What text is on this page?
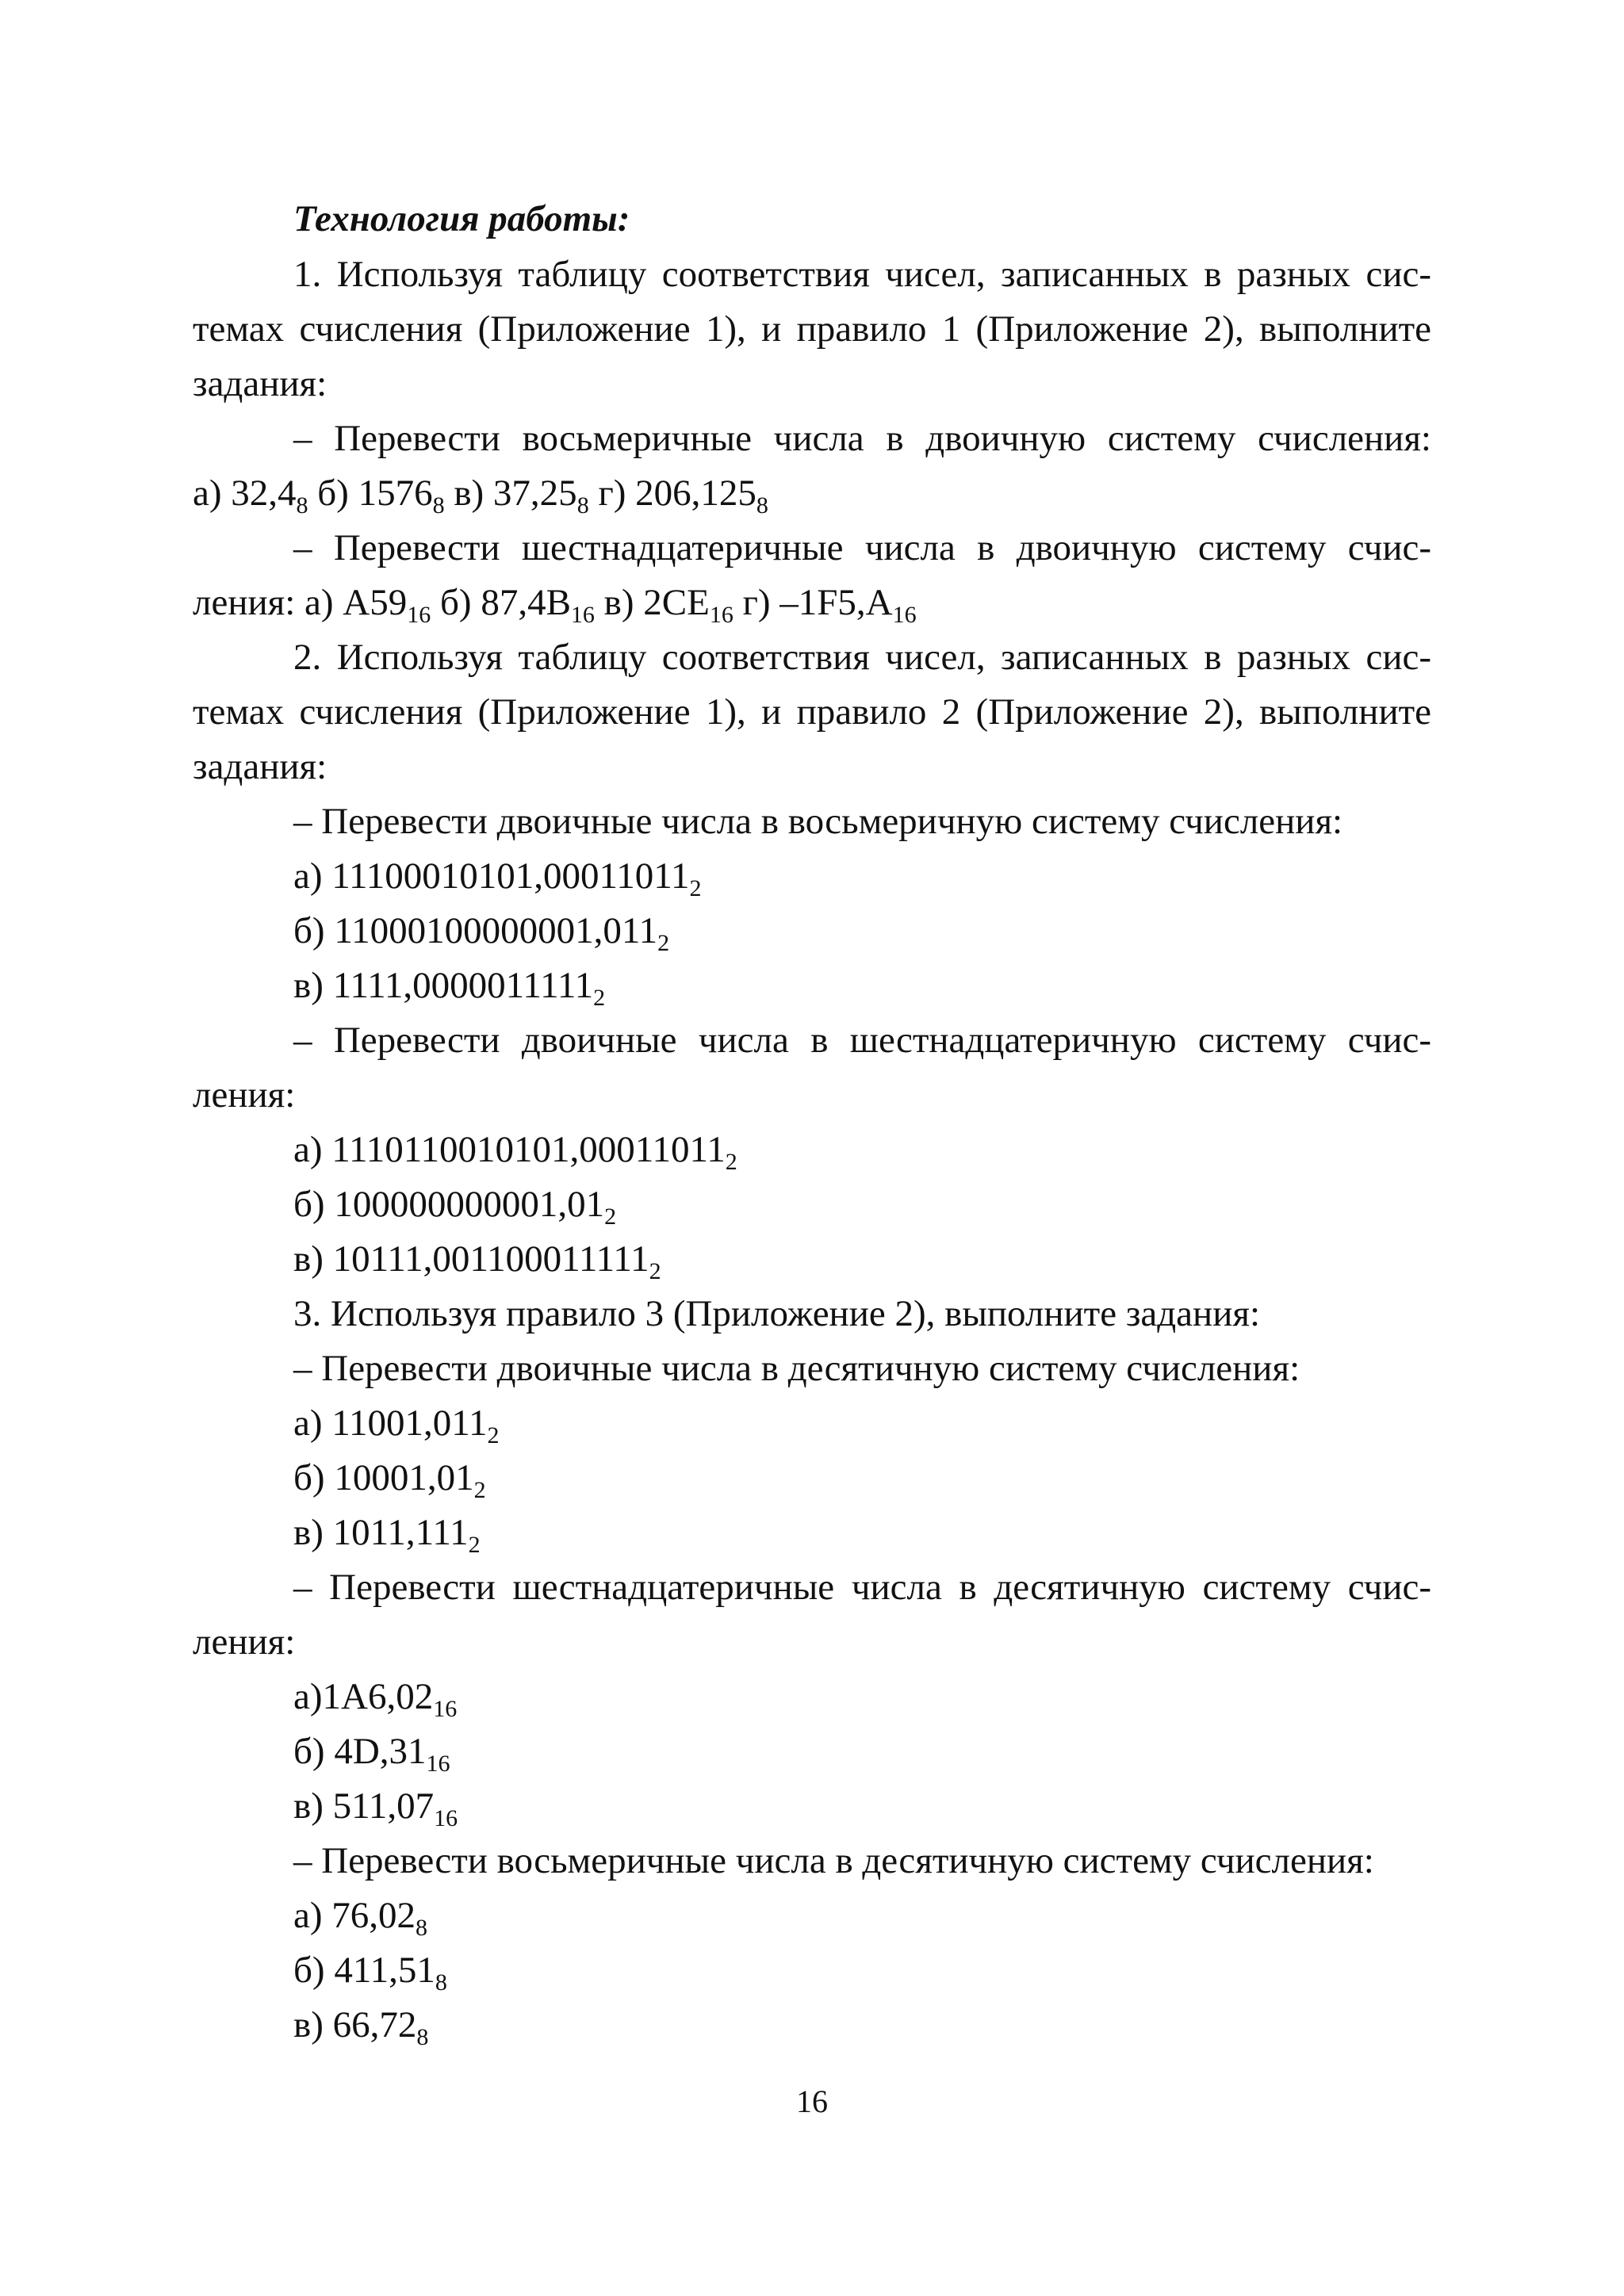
Технология работы:
1. Используя таблицу соответствия чисел, записанных в разных сис-
темах счисления (Приложение 1), и правило 1 (Приложение 2), выполните
задания:
– Перевести восьмеричные числа в двоичную систему счисления:
а) $32,4_8$ б) $1576_8$ в) $37,25_8$ г) $206,125_8$
– Перевести шестнадцатеричные числа в двоичную систему счис-
ления: а) $A59_{16}$ б) $87,4B_{16}$ в) $2CE_{16}$ г) $-1F5,A_{16}$
2. Используя таблицу соответствия чисел, записанных в разных сис-
темах счисления (Приложение 1), и правило 2 (Приложение 2), выполните
задания:
– Перевести двоичные числа в восьмеричную систему счисления:
а) $11100010101,00011011_2$
б) $11000100000001,011_2$
в) $1111,0000011111_2$
– Перевести двоичные числа в шестнадцатеричную систему счис-
ления:
а) $1110110010101,00011011_2$
б) $100000000001,01_2$
в) $10111,001100011111_2$
3. Используя правило 3 (Приложение 2), выполните задания:
– Перевести двоичные числа в десятичную систему счисления:
а) $11001,011_2$
б) $10001,01_2$
в) $1011,111_2$
– Перевести шестнадцатеричные числа в десятичную систему счис-
ления:
$а)1A6,02_{16}$
б) $4D,31_{16}$
в) $511,07_{16}$
– Перевести восьмеричные числа в десятичную систему счисления:
а) $76,02_8$
б) $411,51_8$
в) $66,72_8$
16
